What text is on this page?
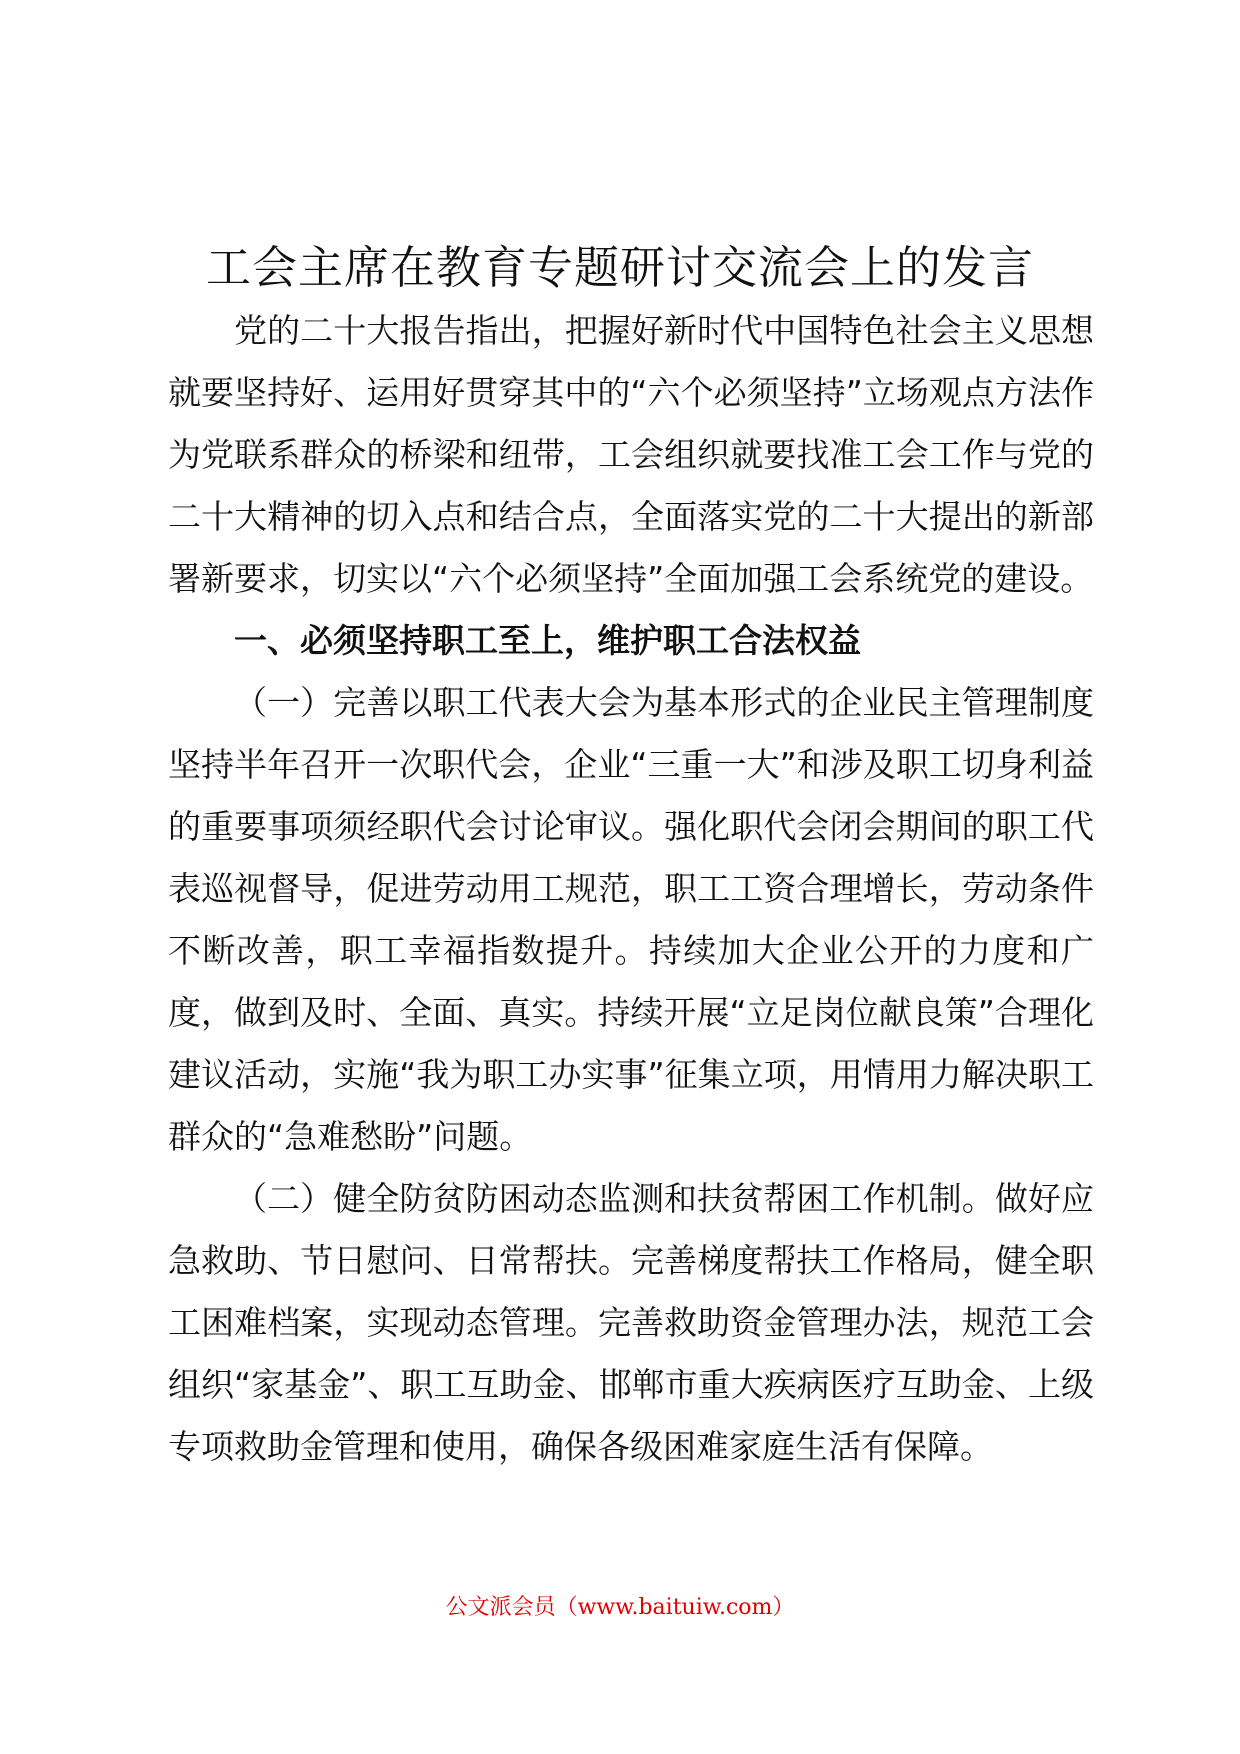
工会主席在教育专题研讨交流会上的发言

党的二十大报告指出，把握好新时代中国特色社会主义思想就要坚持好、运用好贯穿其中的“六个必须坚持”立场观点方法作为党联系群众的桥梁和纽带，工会组织就要找准工会工作与党的二十大精神的切入点和结合点，全面落实党的二十大提出的新部署新要求，切实以“六个必须坚持”全面加强工会系统党的建设。

一、必须坚持职工至上，维护职工合法权益

（一）完善以职工代表大会为基本形式的企业民主管理制度坚持半年召开一次职代会，企业“三重一大”和涉及职工切身利益的重要事项须经职代会讨论审议。强化职代会闭会期间的职工代表巡视督导，促进劳动用工规范，职工工资合理增长，劳动条件不断改善，职工幸福指数提升。持续加大企业公开的力度和广度，做到及时、全面、真实。持续开展“立足岗位献良策”合理化建议活动，实施“我为职工办实事”征集立项，用情用力解决职工群众的“急难愁盼”问题。

（二）健全防贫防困动态监测和扶贫帮困工作机制。做好应急救助、节日慰问、日常帮扶。完善梯度帮扶工作格局，健全职工困难档案，实现动态管理。完善救助资金管理办法，规范工会组织“家基金”、职工互助金、邯郸市重大疾病医疗互助金、上级专项救助金管理和使用，确保各级困难家庭生活有保障。

公文派会员（www.baituiw.com）
